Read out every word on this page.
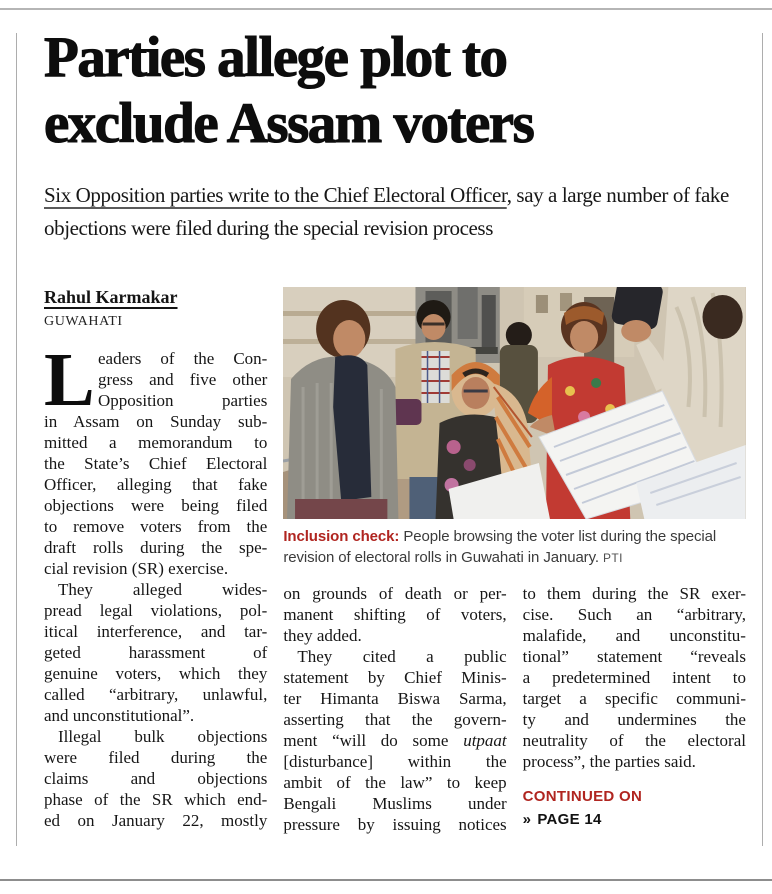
Parties allege plot to
exclude Assam voters

Six Opposition parties write to the Chief Electoral Officer, say a large number of fake objections were filed during the special revision process

Rahul Karmakar
GUWAHATI
L eaders of the Con-
gress and five other
Opposition parties
in Assam on Sunday sub-
mitted a memorandum to
the State’s Chief Electoral
Officer, alleging that fake
objections were being filed
to remove voters from the
draft rolls during the spe-
cial revision (SR) exercise.
They alleged wides-
pread legal violations, pol-
itical interference, and tar-
geted harassment of
genuine voters, which they
called “arbitrary, unlawful,
and unconstitutional”.
Illegal bulk objections
were filed during the
claims and objections
phase of the SR which end-
ed on January 22, mostly
Inclusion check: People browsing the voter list during the special revision of electoral rolls in Guwahati in January. PTI
on grounds of death or per-
manent shifting of voters,
they added.
They cited a public
statement by Chief Minis-
ter Himanta Biswa Sarma,
asserting that the govern-
ment “will do some utpaat
[disturbance] within the
ambit of the law” to keep
Bengali Muslims under
pressure by issuing notices
to them during the SR exer-
cise. Such an “arbitrary,
malafide, and unconstitu-
tional” statement “reveals
a predetermined intent to
target a specific communi-
ty and undermines the
neutrality of the electoral
process”, the parties said.
CONTINUED ON
» PAGE 14
